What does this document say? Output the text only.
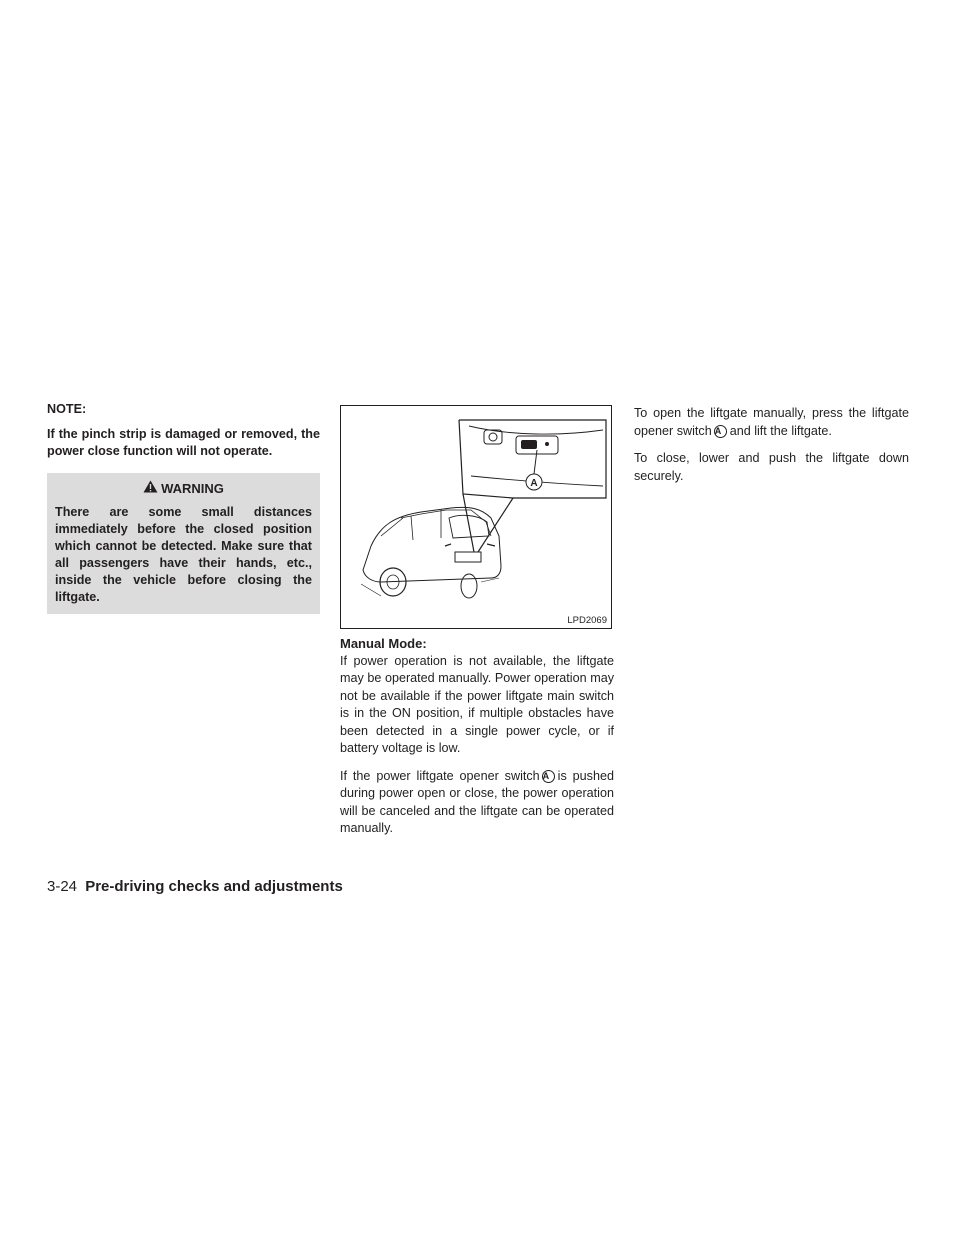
NOTE:

If the pinch strip is damaged or removed, the power close function will not operate.

WARNING

There are some small distances immediately before the closed position which cannot be detected. Make sure that all passengers have their hands, etc., inside the vehicle before closing the liftgate.

A
LPD2069

Manual Mode:

If power operation is not available, the liftgate may be operated manually. Power operation may not be available if the power liftgate main switch is in the ON position, if multiple obstacles have been detected in a single power cycle, or if battery voltage is low.

If the power liftgate opener switch A is pushed during power open or close, the power operation will be canceled and the liftgate can be operated manually.

To open the liftgate manually, press the liftgate opener switch A and lift the liftgate.

To close, lower and push the liftgate down securely.

3-24 Pre-driving checks and adjustments
